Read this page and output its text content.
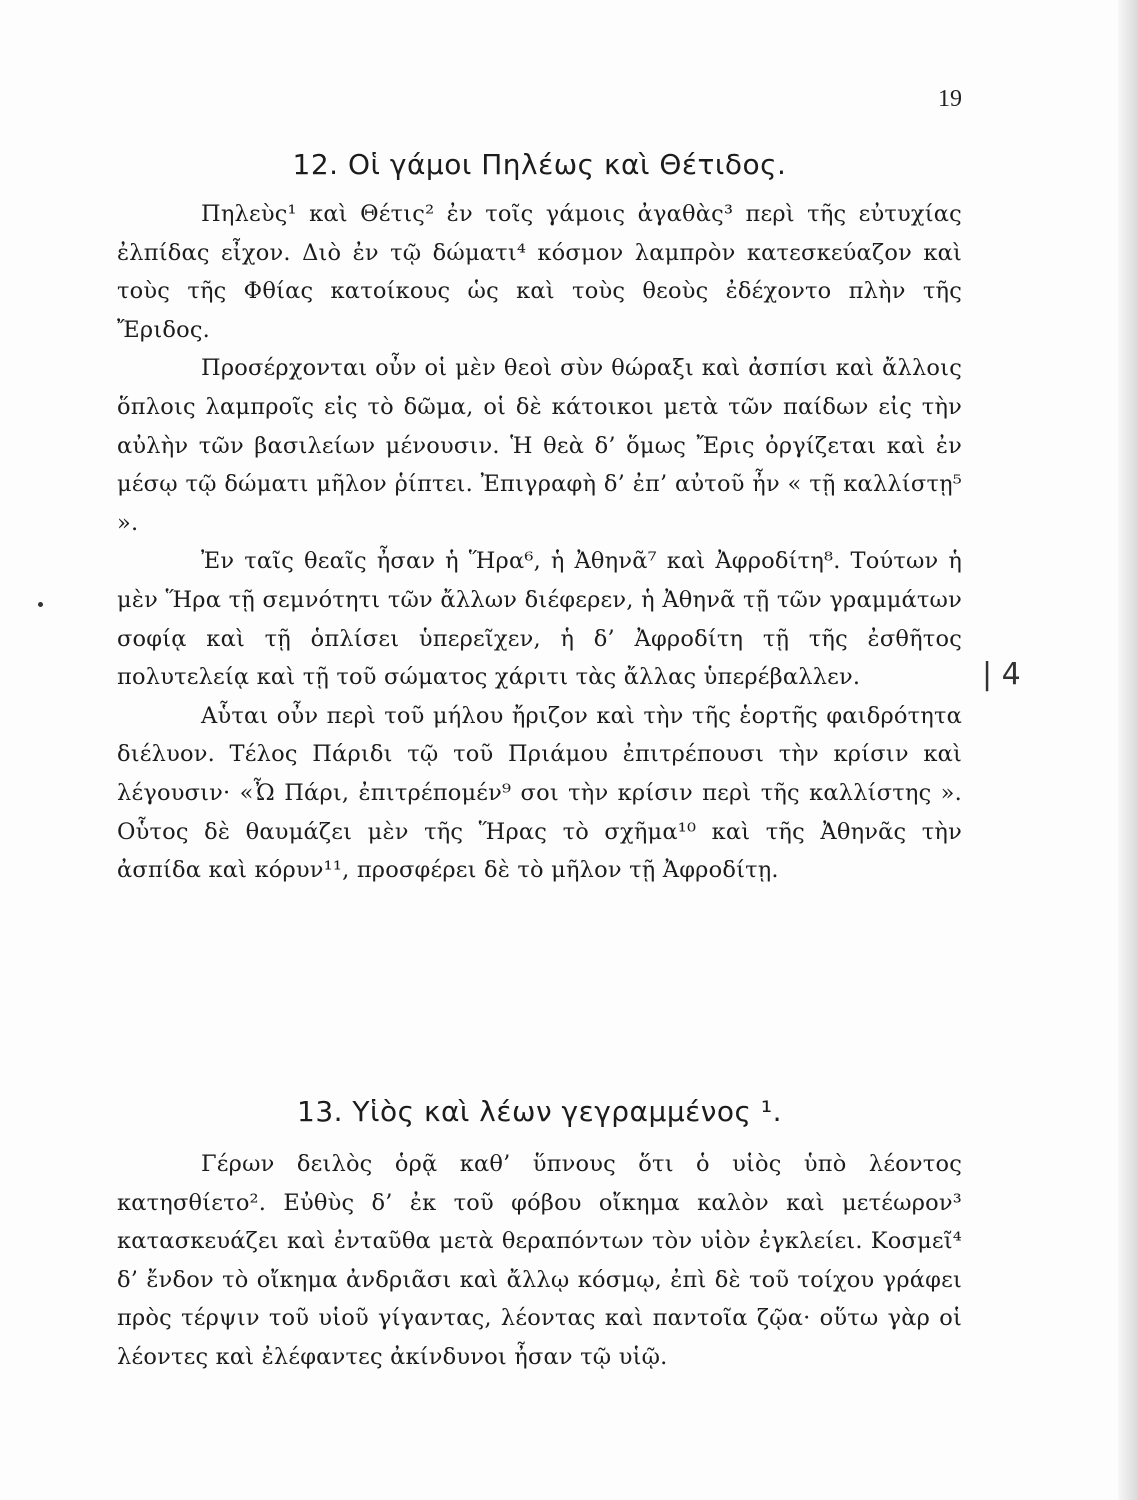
19
12. Οἱ γάμοι Πηλέως καὶ Θέτιδος.

Πηλεὺς¹ καὶ Θέτις² ἐν τοῖς γάμοις ἀγαθὰς³ περὶ τῆς εὐτυχίας ἐλπίδας εἶχον. Διὸ ἐν τῷ δώματι⁴ κόσμον λαμπρὸν κατεσκεύαζον καὶ τοὺς τῆς Φθίας κατοίκους ὡς καὶ τοὺς θεοὺς ἐδέχοντο πλὴν τῆς Ἔριδος.

Προσέρχονται οὖν οἱ μὲν θεοὶ σὺν θώραξι καὶ ἀσπίσι καὶ ἄλλοις ὅπλοις λαμπροῖς εἰς τὸ δῶμα, οἱ δὲ κάτοικοι μετὰ τῶν παίδων εἰς τὴν αὐλὴν τῶν βασιλείων μένουσιν. Ἡ θεὰ δ’ ὅμως Ἔρις ὀργίζεται καὶ ἐν μέσῳ τῷ δώματι μῆλον ῥίπτει. Ἐπιγραφὴ δ’ ἐπ’ αὐτοῦ ἦν « τῇ καλλίστῃ⁵ ».

Ἐν ταῖς θεαῖς ἦσαν ἡ Ἥρα⁶, ἡ Ἀθηνᾶ⁷ καὶ Ἀφροδίτη⁸. Τούτων ἡ μὲν Ἥρα τῇ σεμνότητι τῶν ἄλλων διέφερεν, ἡ Ἀθηνᾶ τῇ τῶν γραμμάτων σοφίᾳ καὶ τῇ ὁπλίσει ὑπερεῖχεν, ἡ δ’ Ἀφροδίτη τῇ τῆς ἐσθῆτος πολυτελείᾳ καὶ τῇ τοῦ σώματος χάριτι τὰς ἄλλας ὑπερέβαλλεν.

Αὗται οὖν περὶ τοῦ μήλου ἤριζον καὶ τὴν τῆς ἑορτῆς φαιδρότητα διέλυον. Τέλος Πάριδι τῷ τοῦ Πριάμου ἐπιτρέπουσι τὴν κρίσιν καὶ λέγουσιν· «Ὦ Πάρι, ἐπιτρέπομέν⁹ σοι τὴν κρίσιν περὶ τῆς καλλίστης ». Οὗτος δὲ θαυμάζει μὲν τῆς Ἥρας τὸ σχῆμα¹⁰ καὶ τῆς Ἀθηνᾶς τὴν ἀσπίδα καὶ κόρυν¹¹, προσφέρει δὲ τὸ μῆλον τῇ Ἀφροδίτῃ.

13. Υἱὸς καὶ λέων γεγραμμένος ¹.

Γέρων δειλὸς ὁρᾷ καθ’ ὕπνους ὅτι ὁ υἱὸς ὑπὸ λέοντος κατησθίετο². Εὐθὺς δ’ ἐκ τοῦ φόβου οἴκημα καλὸν καὶ μετέωρον³ κατασκευάζει καὶ ἐνταῦθα μετὰ θεραπόντων τὸν υἱὸν ἐγκλείει. Κοσμεῖ⁴ δ’ ἔνδον τὸ οἴκημα ἀνδριᾶσι καὶ ἄλλῳ κόσμῳ, ἐπὶ δὲ τοῦ τοίχου γράφει πρὸς τέρψιν τοῦ υἱοῦ γίγαντας, λέοντας καὶ παντοῖα ζῷα· οὕτω γὰρ οἱ λέοντες καὶ ἐλέφαντες ἀκίνδυνοι ἦσαν τῷ υἱῷ.

| 4
